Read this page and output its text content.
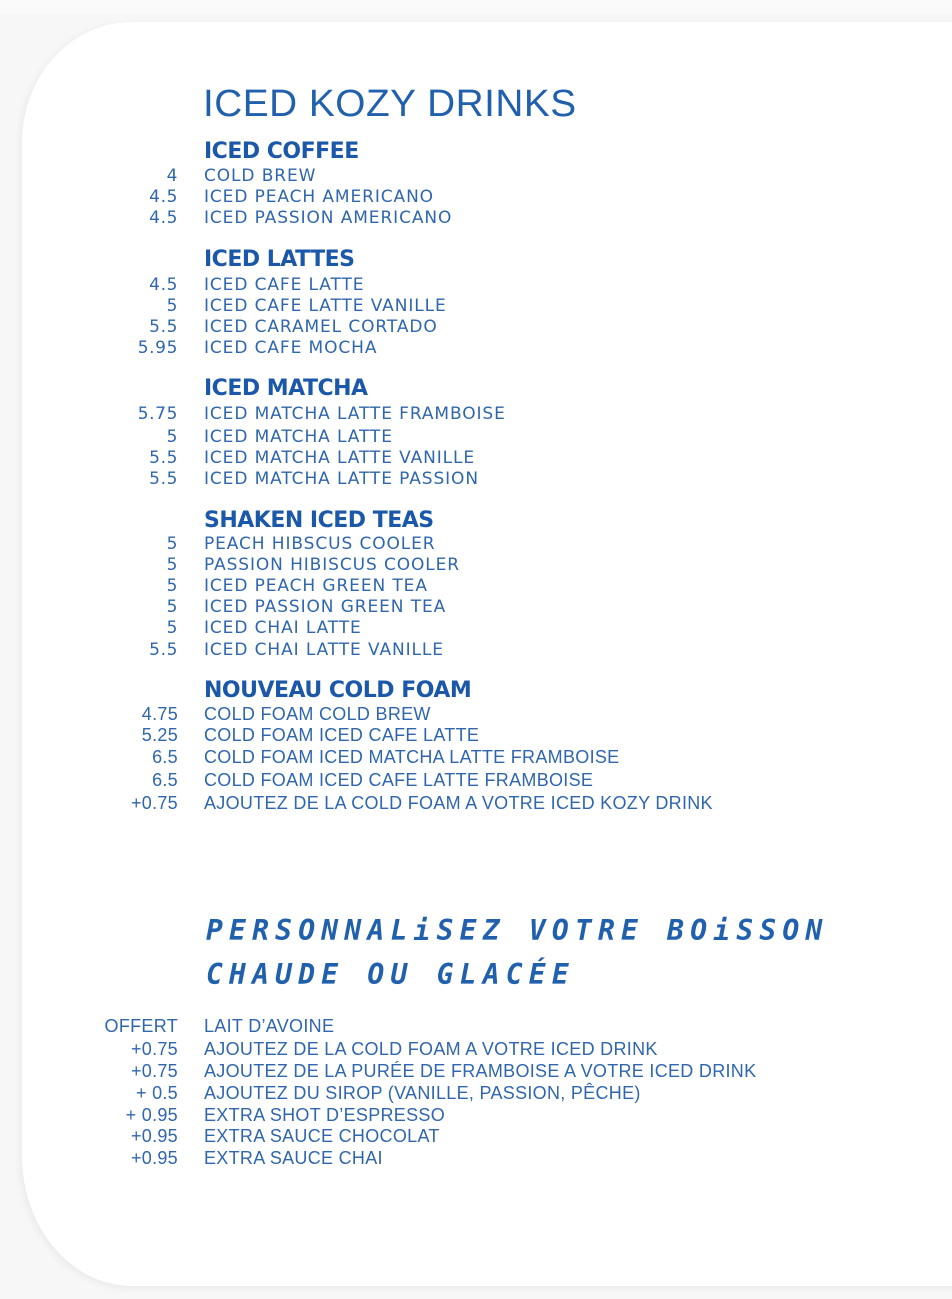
ICED KOZY DRINKS
ICED COFFEE
4 COLD BREW
4.5 ICED PEACH AMERICANO
4.5 ICED PASSION AMERICANO
ICED LATTES
4.5 ICED CAFE LATTE
5 ICED CAFE LATTE VANILLE
5.5 ICED CARAMEL CORTADO
5.95 ICED CAFE MOCHA
ICED MATCHA
5.75 ICED MATCHA LATTE FRAMBOISE
5 ICED MATCHA LATTE
5.5 ICED MATCHA LATTE VANILLE
5.5 ICED MATCHA LATTE PASSION
SHAKEN ICED TEAS
5 PEACH HIBSCUS COOLER
5 PASSION HIBISCUS COOLER
5 ICED PEACH GREEN TEA
5 ICED PASSION GREEN TEA
5 ICED CHAI LATTE
5.5 ICED CHAI LATTE VANILLE
NOUVEAU COLD FOAM
4.75 COLD FOAM COLD BREW
5.25 COLD FOAM ICED CAFE LATTE
6.5 COLD FOAM ICED MATCHA LATTE FRAMBOISE
6.5 COLD FOAM ICED CAFE LATTE FRAMBOISE
+0.75 AJOUTEZ DE LA COLD FOAM A VOTRE ICED KOZY DRINK
PERSONNALiSEZ VOTRE BOiSSON
CHAUDE OU GLACÉE
OFFERT LAIT D’AVOINE
+0.75 AJOUTEZ DE LA COLD FOAM A VOTRE ICED DRINK
+0.75 AJOUTEZ DE LA PURÉE DE FRAMBOISE A VOTRE ICED DRINK
+ 0.5 AJOUTEZ DU SIROP (VANILLE, PASSION, PÊCHE)
+ 0.95 EXTRA SHOT D’ESPRESSO
+0.95 EXTRA SAUCE CHOCOLAT
+0.95 EXTRA SAUCE CHAI
